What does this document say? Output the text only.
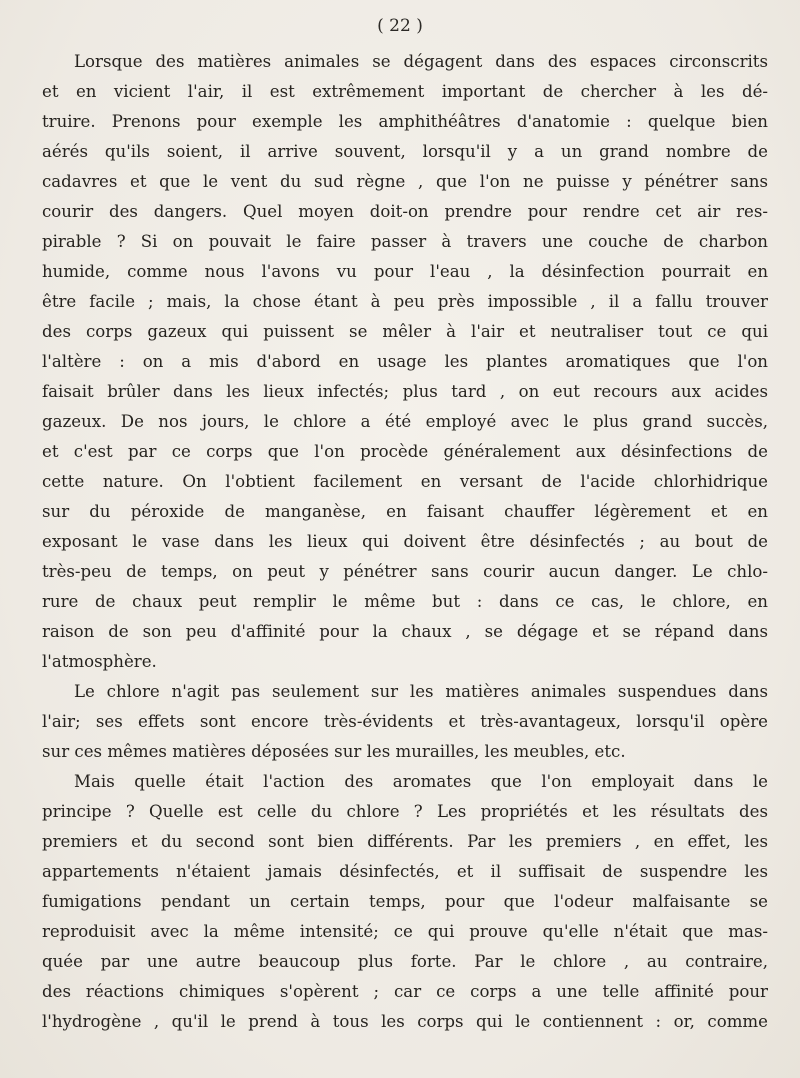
( 22 )
Lorsque des matières animales se dégagent dans des espaces circonscrits
et en vicient l'air, il est extrêmement important de chercher à les dé-
truire. Prenons pour exemple les amphithéâtres d'anatomie : quelque bien
aérés qu'ils soient, il arrive souvent, lorsqu'il y a un grand nombre de
cadavres et que le vent du sud règne , que l'on ne puisse y pénétrer sans
courir des dangers. Quel moyen doit-on prendre pour rendre cet air res-
pirable ? Si on pouvait le faire passer à travers une couche de charbon
humide, comme nous l'avons vu pour l'eau , la désinfection pourrait en
être facile ; mais, la chose étant à peu près impossible , il a fallu trouver
des corps gazeux qui puissent se mêler à l'air et neutraliser tout ce qui
l'altère : on a mis d'abord en usage les plantes aromatiques que l'on
faisait brûler dans les lieux infectés; plus tard , on eut recours aux acides
gazeux. De nos jours, le chlore a été employé avec le plus grand succès,
et c'est par ce corps que l'on procède généralement aux désinfections de
cette nature. On l'obtient facilement en versant de l'acide chlorhidrique
sur du péroxide de manganèse, en faisant chauffer légèrement et en
exposant le vase dans les lieux qui doivent être désinfectés ; au bout de
très-peu de temps, on peut y pénétrer sans courir aucun danger. Le chlo-
rure de chaux peut remplir le même but : dans ce cas, le chlore, en
raison de son peu d'affinité pour la chaux , se dégage et se répand dans
l'atmosphère.
Le chlore n'agit pas seulement sur les matières animales suspendues dans
l'air; ses effets sont encore très-évidents et très-avantageux, lorsqu'il opère
sur ces mêmes matières déposées sur les murailles, les meubles, etc.
Mais quelle était l'action des aromates que l'on employait dans le
principe ? Quelle est celle du chlore ? Les propriétés et les résultats des
premiers et du second sont bien différents. Par les premiers , en effet, les
appartements n'étaient jamais désinfectés, et il suffisait de suspendre les
fumigations pendant un certain temps, pour que l'odeur malfaisante se
reproduisit avec la même intensité; ce qui prouve qu'elle n'était que mas-
quée par une autre beaucoup plus forte. Par le chlore , au contraire,
des réactions chimiques s'opèrent ; car ce corps a une telle affinité pour
l'hydrogène , qu'il le prend à tous les corps qui le contiennent : or, comme
